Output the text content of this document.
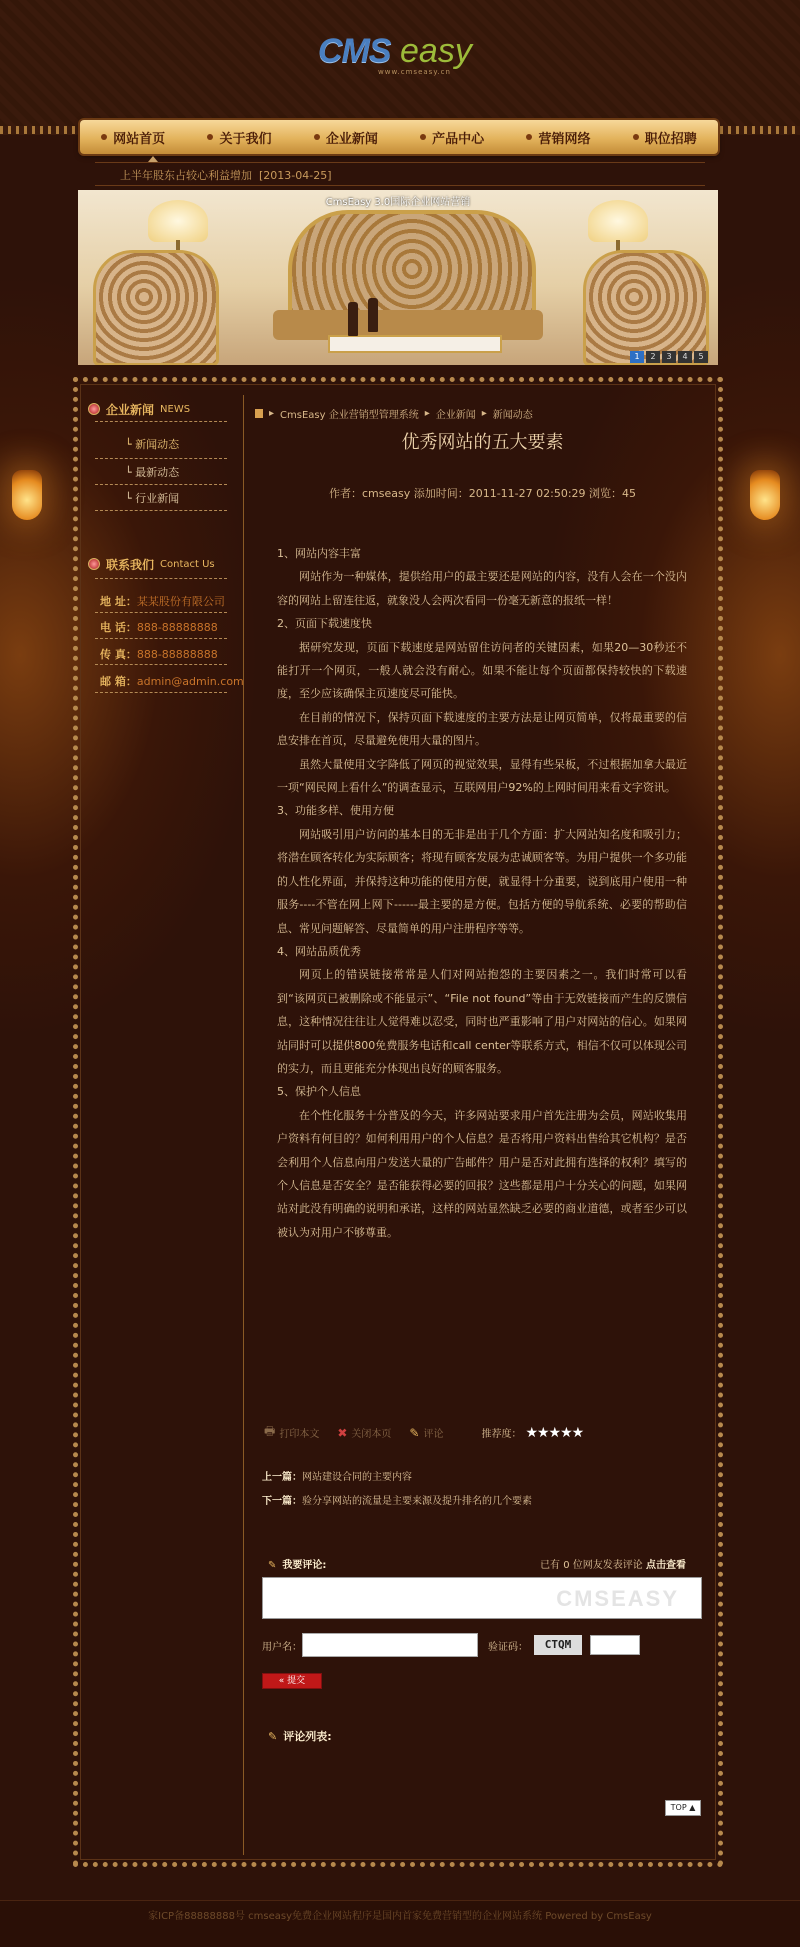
CMS easy
www.cmseasy.cn
网站首页	关于我们	企业新闻	产品中心	营销网络	职位招聘
上半年股东占较心利益增加 [2013-04-25]
CmsEasy 3.0国际企业网站营销
1	2	3	4	5
企业新闻 NEWS
└ 新闻动态
└ 最新动态
└ 行业新闻
联系我们 Contact Us
地 址：某某股份有限公司
电 话：888-88888888
传 真：888-88888888
邮 箱：admin@admin.com
▸ CmsEasy 企业营销型管理系统 ▸ 企业新闻 ▸ 新闻动态
优秀网站的五大要素
作者：cmseasy 添加时间：2011-11-27 02:50:29 浏览：45

1、网站内容丰富

网站作为一种媒体，提供给用户的最主要还是网站的内容，没有人会在一个没内容的网站上留连往返，就象没人会两次看同一份毫无新意的报纸一样！

2、页面下载速度快

据研究发现，页面下载速度是网站留住访问者的关键因素，如果20—30秒还不能打开一个网页，一般人就会没有耐心。如果不能让每个页面都保持较快的下载速度，至少应该确保主页速度尽可能快。

在目前的情况下，保持页面下载速度的主要方法是让网页简单，仅将最重要的信息安排在首页，尽量避免使用大量的图片。

虽然大量使用文字降低了网页的视觉效果，显得有些呆板，不过根据加拿大最近一项“网民网上看什么”的调查显示，互联网用户92%的上网时间用来看文字资讯。

3、功能多样、使用方便

网站吸引用户访问的基本目的无非是出于几个方面：扩大网站知名度和吸引力；将潜在顾客转化为实际顾客；将现有顾客发展为忠诚顾客等。为用户提供一个多功能的人性化界面，并保持这种功能的使用方便，就显得十分重要，说到底用户使用一种服务----不管在网上网下------最主要的是方便。包括方便的导航系统、必要的帮助信息、常见问题解答、尽量简单的用户注册程序等等。

4、网站品质优秀

网页上的错误链接常常是人们对网站抱怨的主要因素之一。我们时常可以看到“该网页已被删除或不能显示”、“File not found”等由于无效链接而产生的反馈信息，这种情况往往让人觉得难以忍受，同时也严重影响了用户对网站的信心。如果网站同时可以提供800免费服务电话和call center等联系方式，相信不仅可以体现公司的实力，而且更能充分体现出良好的顾客服务。

5、保护个人信息

在个性化服务十分普及的今天，许多网站要求用户首先注册为会员，网站收集用户资料有何目的？如何利用用户的个人信息？是否将用户资料出售给其它机构？是否会利用个人信息向用户发送大量的广告邮件？用户是否对此拥有选择的权利？填写的个人信息是否安全？是否能获得必要的回报？这些都是用户十分关心的问题，如果网站对此没有明确的说明和承诺，这样的网站显然缺乏必要的商业道德，或者至少可以被认为对用户不够尊重。

🖶 打印本文 ✖ 关闭本页 ✎ 评论	推荐度： ★★★★★
上一篇：网站建设合同的主要内容
下一篇：验分享网站的流量是主要来源及提升排名的几个要素
✎ 我要评论:	已有 0 位网友发表评论 点击查看
CMSEASY
用户名：	验证码：	CTQM
« 提交
✎ 评论列表:
TOP ▲
家ICP备88888888号 cmseasy免费企业网站程序是国内首家免费营销型的企业网站系统 Powered by CmsEasy
